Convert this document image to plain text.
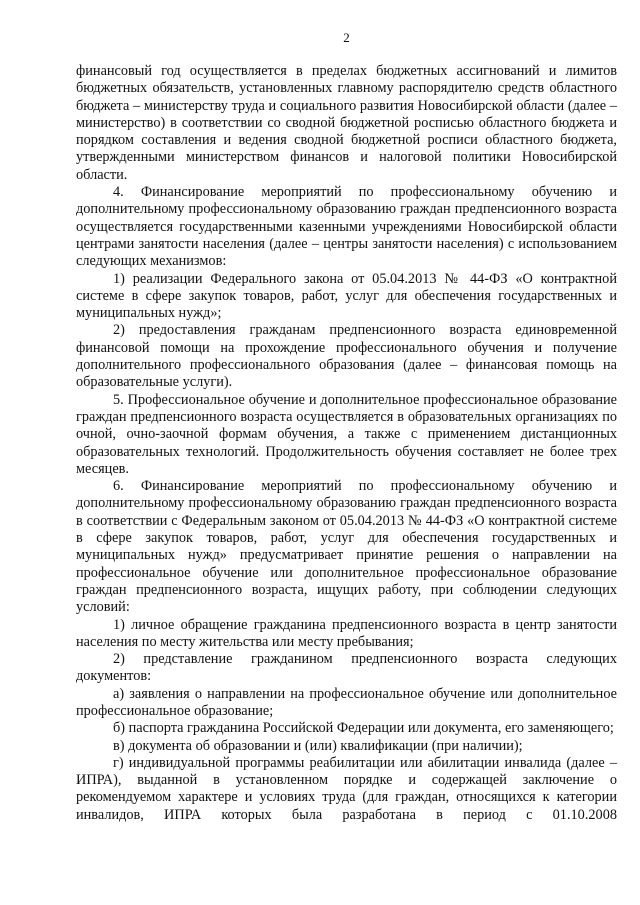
2

финансовый год осуществляется в пределах бюджетных ассигнований и лимитов бюджетных обязательств, установленных главному распорядителю средств областного бюджета – министерству труда и социального развития Новосибирской области (далее – министерство) в соответствии со сводной бюджетной росписью областного бюджета и порядком составления и ведения сводной бюджетной росписи областного бюджета, утвержденными министерством финансов и налоговой политики Новосибирской области.

4. Финансирование мероприятий по профессиональному обучению и дополнительному профессиональному образованию граждан предпенсионного возраста осуществляется государственными казенными учреждениями Новосибирской области центрами занятости населения (далее – центры занятости населения) с использованием следующих механизмов:

1) реализации Федерального закона от 05.04.2013 № 44-ФЗ «О контрактной системе в сфере закупок товаров, работ, услуг для обеспечения государственных и муниципальных нужд»;

2) предоставления гражданам предпенсионного возраста единовременной финансовой помощи на прохождение профессионального обучения и получение дополнительного профессионального образования (далее – финансовая помощь на образовательные услуги).

5. Профессиональное обучение и дополнительное профессиональное образование граждан предпенсионного возраста осуществляется в образовательных организациях по очной, очно-заочной формам обучения, а также с применением дистанционных образовательных технологий. Продолжительность обучения составляет не более трех месяцев.

6. Финансирование мероприятий по профессиональному обучению и дополнительному профессиональному образованию граждан предпенсионного возраста в соответствии с Федеральным законом от 05.04.2013 № 44-ФЗ «О контрактной системе в сфере закупок товаров, работ, услуг для обеспечения государственных и муниципальных нужд» предусматривает принятие решения о направлении на профессиональное обучение или дополнительное профессиональное образование граждан предпенсионного возраста, ищущих работу, при соблюдении следующих условий:

1) личное обращение гражданина предпенсионного возраста в центр занятости населения по месту жительства или месту пребывания;

2) представление гражданином предпенсионного возраста следующих документов:

а) заявления о направлении на профессиональное обучение или дополнительное профессиональное образование;

б) паспорта гражданина Российской Федерации или документа, его заменяющего;

в) документа об образовании и (или) квалификации (при наличии);

г) индивидуальной программы реабилитации или абилитации инвалида (далее – ИПРА), выданной в установленном порядке и содержащей заключение о рекомендуемом характере и условиях труда (для граждан, относящихся к категории инвалидов, ИПРА которых была разработана в период с 01.10.2008
